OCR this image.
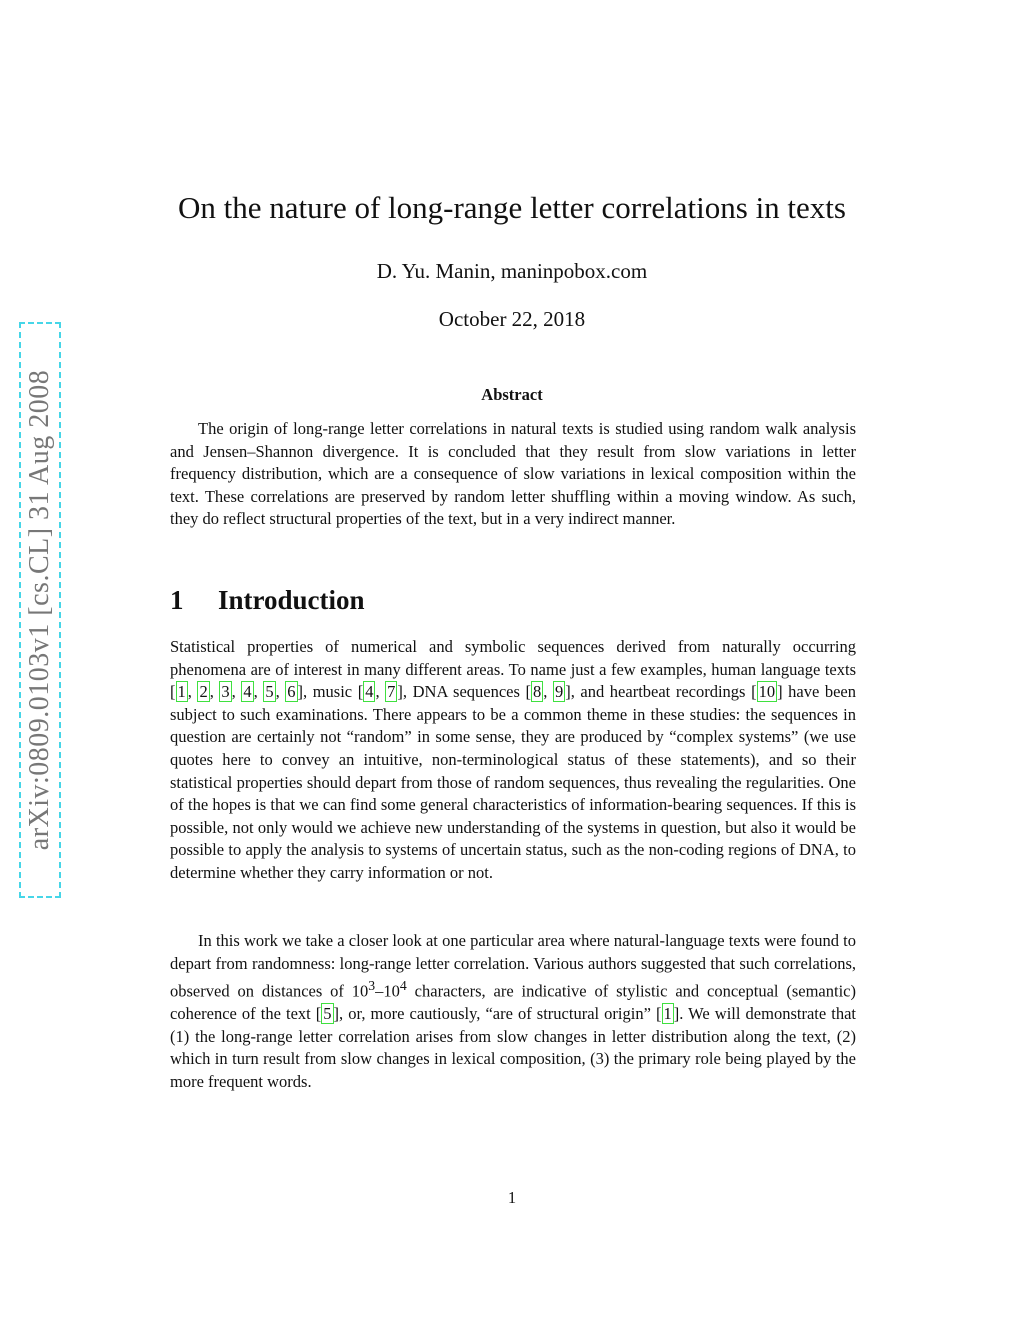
arXiv:0809.0103v1 [cs.CL] 31 Aug 2008
On the nature of long-range letter correlations in texts
D. Yu. Manin, maninpobox.com
October 22, 2018
Abstract
The origin of long-range letter correlations in natural texts is studied using random walk analysis and Jensen–Shannon divergence. It is concluded that they result from slow variations in letter frequency distribution, which are a consequence of slow variations in lexical composition within the text. These correlations are preserved by random letter shuffling within a moving window. As such, they do reflect structural properties of the text, but in a very indirect manner.
1 Introduction
Statistical properties of numerical and symbolic sequences derived from naturally occurring phenomena are of interest in many different areas. To name just a few examples, human language texts [ 1 , 2 , 3 , 4 , 5 , 6 ], music [ 4 , 7 ], DNA sequences [ 8 , 9 ], and heartbeat recordings [ 10 ] have been subject to such examinations. There appears to be a common theme in these studies: the sequences in question are certainly not “random” in some sense, they are produced by “complex systems” (we use quotes here to convey an intuitive, non-terminological status of these statements), and so their statistical properties should depart from those of random sequences, thus revealing the regularities. One of the hopes is that we can find some general characteristics of information-bearing sequences. If this is possible, not only would we achieve new understanding of the systems in question, but also it would be possible to apply the analysis to systems of uncertain status, such as the non-coding regions of DNA, to determine whether they carry information or not.
In this work we take a closer look at one particular area where natural-language texts were found to depart from randomness: long-range letter correlation. Various authors suggested that such correlations, observed on distances of $10^3-10^4$ characters, are indicative of stylistic and conceptual (semantic) coherence of the text [ 5 ], or, more cautiously, “are of structural origin” [ 1 ]. We will demonstrate that (1) the long-range letter correlation arises from slow changes in letter distribution along the text, (2) which in turn result from slow changes in lexical composition, (3) the primary role being played by the more frequent words.
1
